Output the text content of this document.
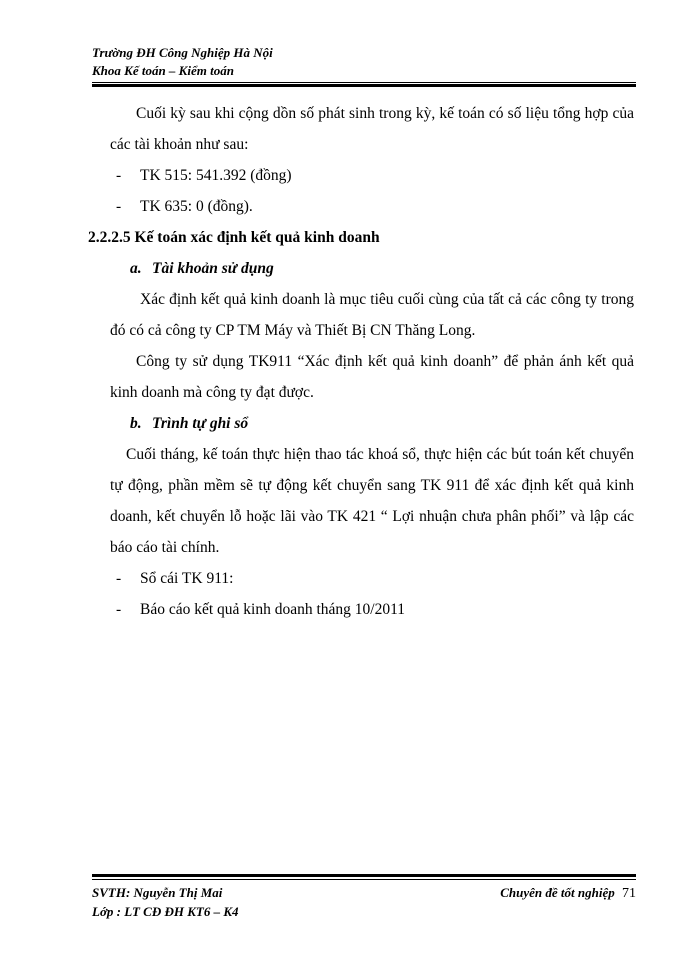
Trường ĐH Công Nghiệp Hà Nội
Khoa Kế toán – Kiểm toán

Cuối kỳ sau khi cộng dồn số phát sinh trong kỳ, kế toán có số liệu tổng hợp của các tài khoản như sau:

- TK 515: 541.392 (đồng)

- TK 635: 0 (đồng).

2.2.2.5 Kế toán xác định kết quả kinh doanh

a. Tài khoản sử dụng

Xác định kết quả kinh doanh là mục tiêu cuối cùng của tất cả các công ty trong đó có cả công ty CP TM Máy và Thiết Bị CN Thăng Long.

Công ty sử dụng TK911 “Xác định kết quả kinh doanh” để phản ánh kết quả kinh doanh mà công ty đạt được.

b. Trình tự ghi sổ

Cuối tháng, kế toán thực hiện thao tác khoá sổ, thực hiện các bút toán kết chuyển tự động, phần mềm sẽ tự động kết chuyển sang TK 911 để xác định kết quả kinh doanh, kết chuyển lỗ hoặc lãi vào TK 421 “ Lợi nhuận chưa phân phối” và lập các báo cáo tài chính.

- Sổ cái TK 911:

- Báo cáo kết quả kinh doanh tháng 10/2011

SVTH: Nguyễn Thị Mai
Lớp : LT CĐ ĐH KT6 – K4
Chuyên đề tốt nghiệp 71
